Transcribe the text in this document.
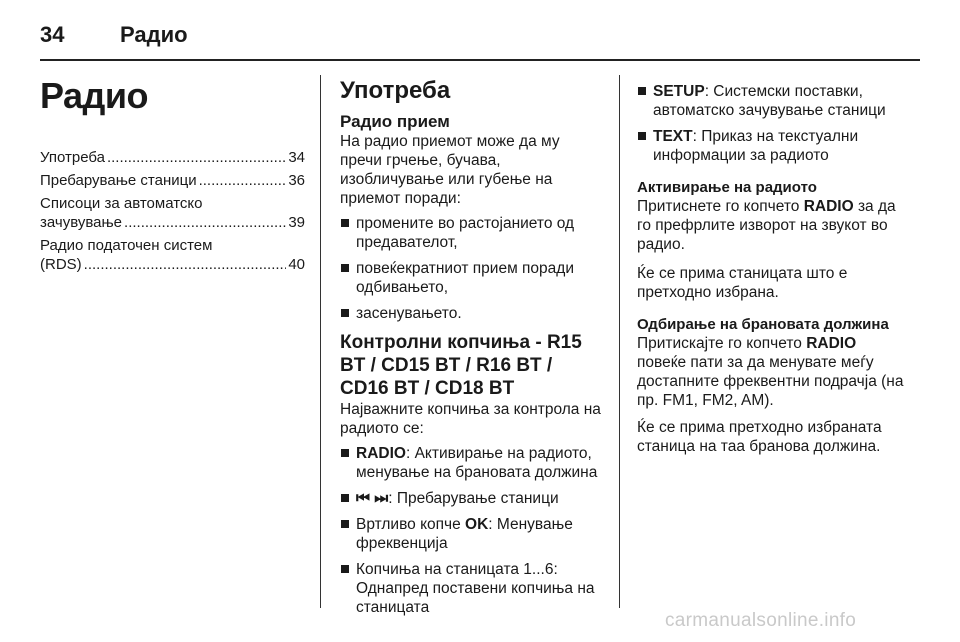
34	Радио
Радио
Употреба .....	34
Пребарување станици .....	36
Списоци за автоматско
зачувување .....	39
Радио податочен систем
(RDS) .....	40
Употреба
Радио прием
На радио приемот може да му пречи грчење, бучава, изобличување или губење на приемот поради:
промените во растојанието од предавателот,
повеќекратниот прием поради одбивањето,
засенувањето.
Контролни копчиња - R15 BT / CD15 BT / R16 BT / CD16 BT / CD18 BT
Најважните копчиња за контрола на радиото се:
RADIO: Активирање на радиото, менување на брановата должина
⏮ ⏭: Пребарување станици
Вртливо копче OK: Менување фреквенција
Копчиња на станицата 1...6: Однапред поставени копчиња на станицата
SETUP: Системски поставки, автоматско зачувување станици
TEXT: Приказ на текстуални информации за радиото
Активирање на радиото
Притиснете го копчето RADIO за да го префрлите изворот на звукот во радио.
Ќе се прима станицата што е претходно избрана.
Одбирање на брановата должина
Притискајте го копчето RADIO повеќе пати за да менувате меѓу достапните фреквентни подрачја (на пр. FM1, FM2, AM).
Ќе се прима претходно избраната станица на таа бранова должина.
carmanualsonline.info
